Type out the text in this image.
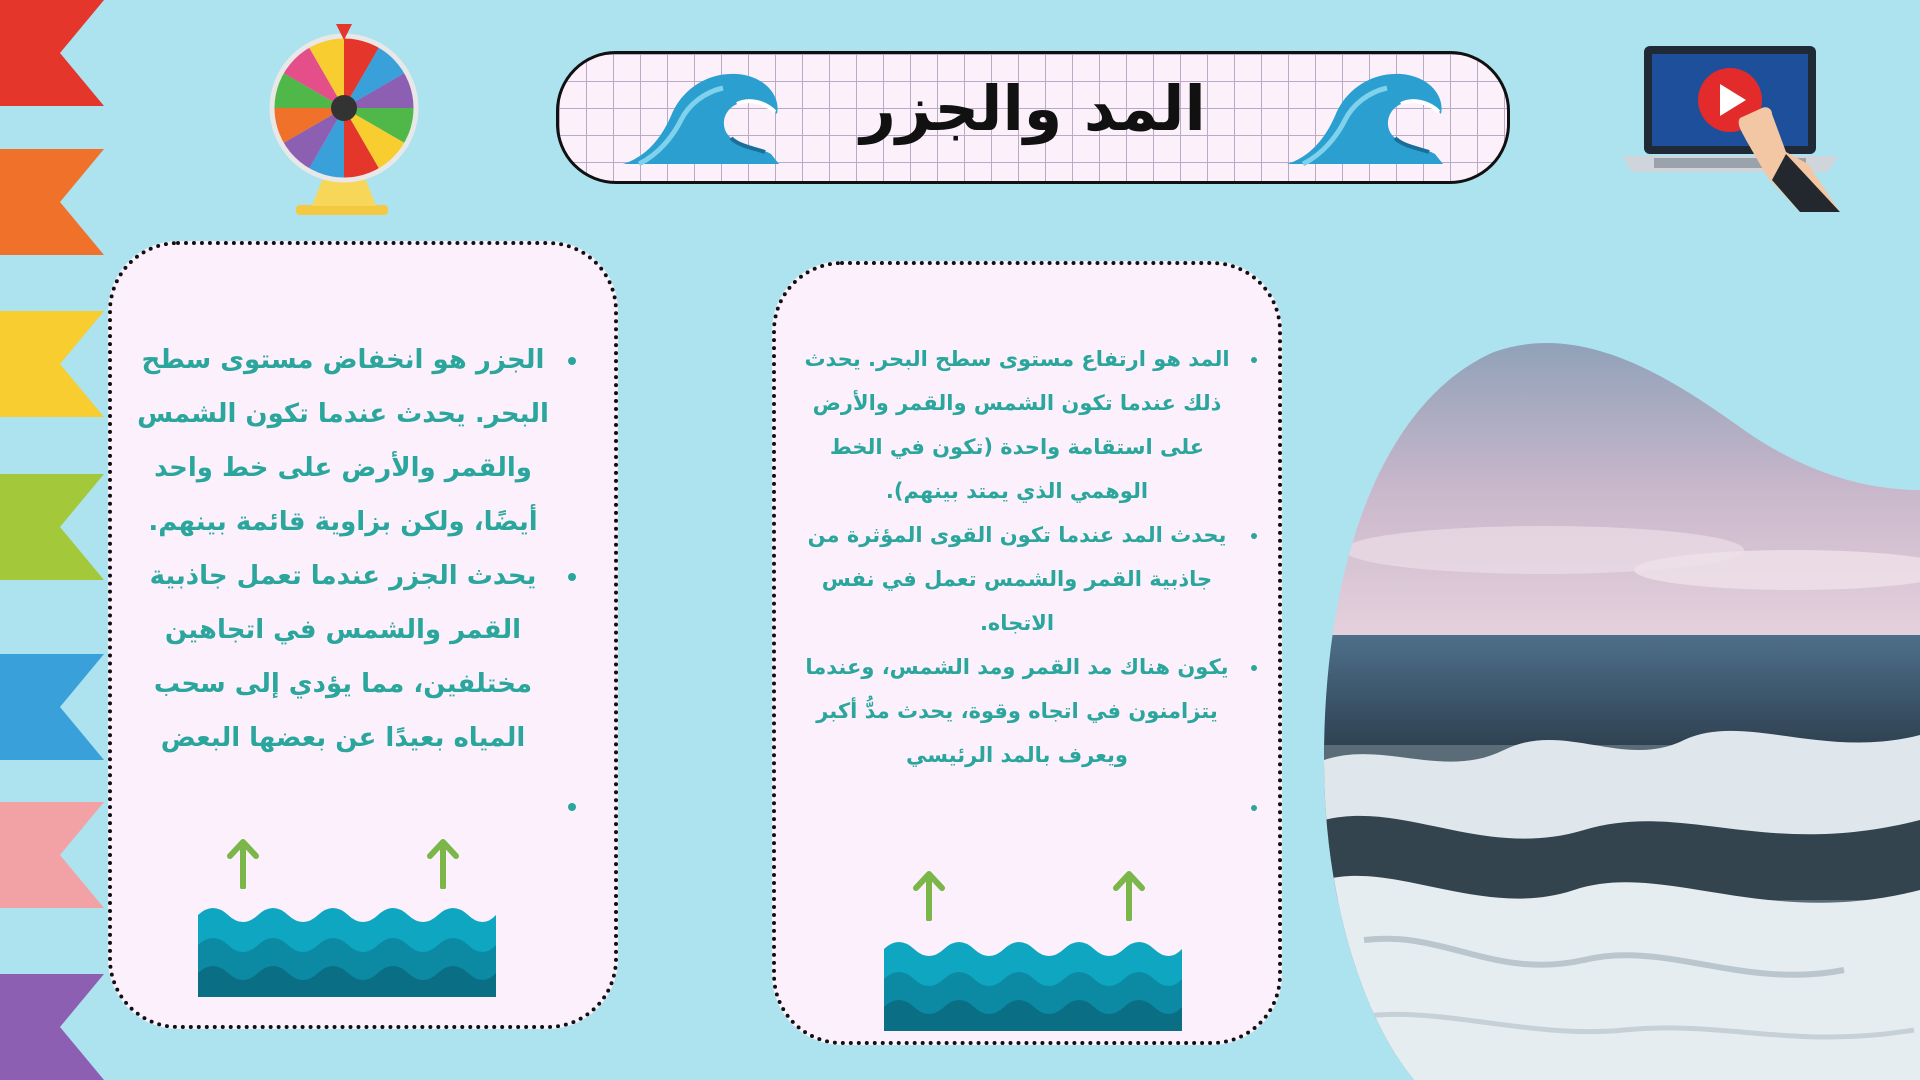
المد والجزر
• المد هو ارتفاع مستوى سطح البحر. يحدث ذلك عندما تكون الشمس والقمر والأرض على استقامة واحدة (تكون في الخط الوهمي الذي يمتد بينهم).
• يحدث المد عندما تكون القوى المؤثرة من جاذبية القمر والشمس تعمل في نفس الاتجاه.
• يكون هناك مد القمر ومد الشمس، وعندما يتزامنون في اتجاه وقوة، يحدث مدُّ أكبر ويعرف بالمد الرئيسي
•
• الجزر هو انخفاض مستوى سطح البحر. يحدث عندما تكون الشمس والقمر والأرض على خط واحد أيضًا، ولكن بزاوية قائمة بينهم.
• يحدث الجزر عندما تعمل جاذبية القمر والشمس في اتجاهين مختلفين، مما يؤدي إلى سحب المياه بعيدًا عن بعضها البعض
•
